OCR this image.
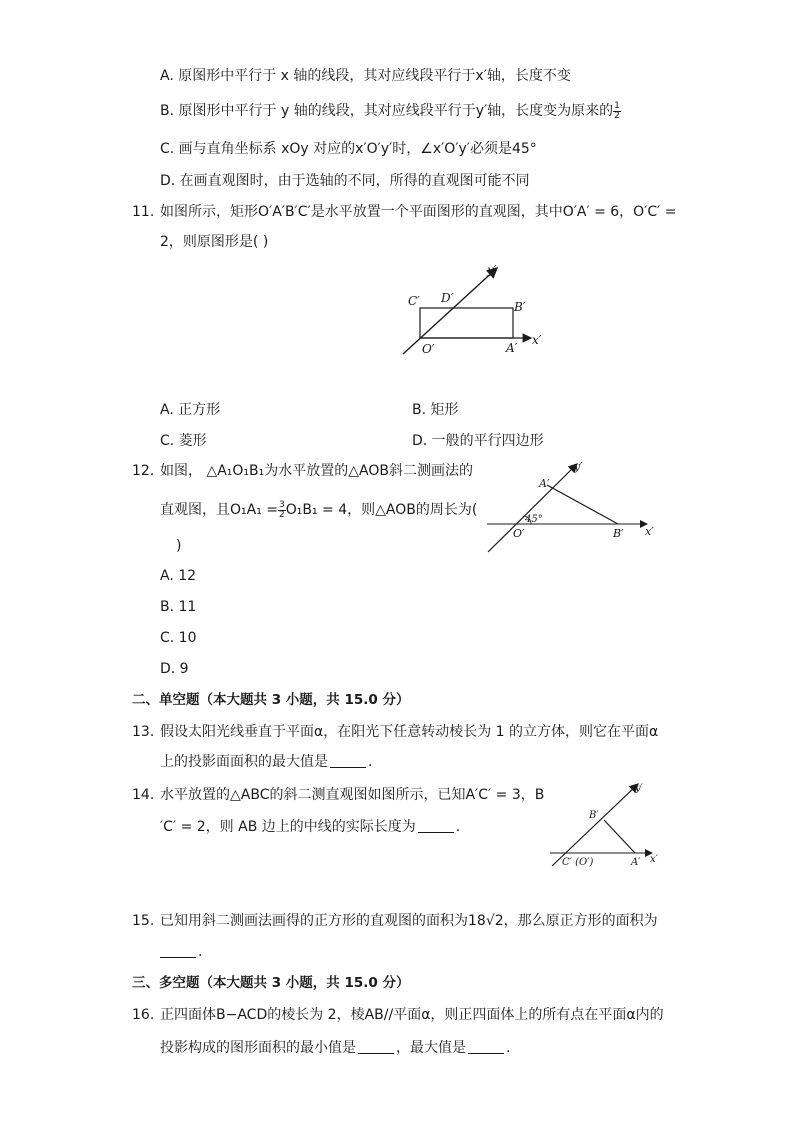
A. 原图形中平行于 x 轴的线段，其对应线段平行于x′轴，长度不变
B. 原图形中平行于 y 轴的线段，其对应线段平行于y′轴，长度变为原来的 $\frac{1}{2}$
C. 画与直角坐标系 xOy 对应的x′O′y′时，∠x′O′y′必须是45°
D. 在画直观图时，由于选轴的不同，所得的直观图可能不同
11. 如图所示，矩形O′A′B′C′是水平放置一个平面图形的直观图，其中O′A′ = 6，O′C′ =
2，则原图形是( )
y′
C′ D′
B′
O′	A′
x′
A. 正方形	B. 矩形
C. 菱形	D. 一般的平行四边形
12. 如图， △A₁O₁B₁为水平放置的△AOB斜二测画法的
直观图，且$O_1A_1 = \frac{3}{2} O_1B_1 = 4$，则△AOB的周长为(
)
y′
A′
45°
O′	B′ x′
A. 12
B. 11
C. 10
D. 9
二、单空题（本大题共 3 小题，共 15.0 分）
13. 假设太阳光线垂直于平面α，在阳光下任意转动棱长为 1 的立方体，则它在平面α
上的投影面面积的最大值是	.
14. 水平放置的△ABC的斜二测直观图如图所示，已知A′C′ = 3，B
′C′ = 2，则 AB 边上的中线的实际长度为	.
y′
B′
C′ (O′)	A′ x′
15. 已知用斜二测画法画得的正方形的直观图的面积为18√2，那么原正方形的面积为
.
三、多空题（本大题共 3 小题，共 15.0 分）
16. 正四面体B−ACD的棱长为 2，棱AB//平面α，则正四面体上的所有点在平面α内的
投影构成的图形面积的最小值是	，最大值是	.
